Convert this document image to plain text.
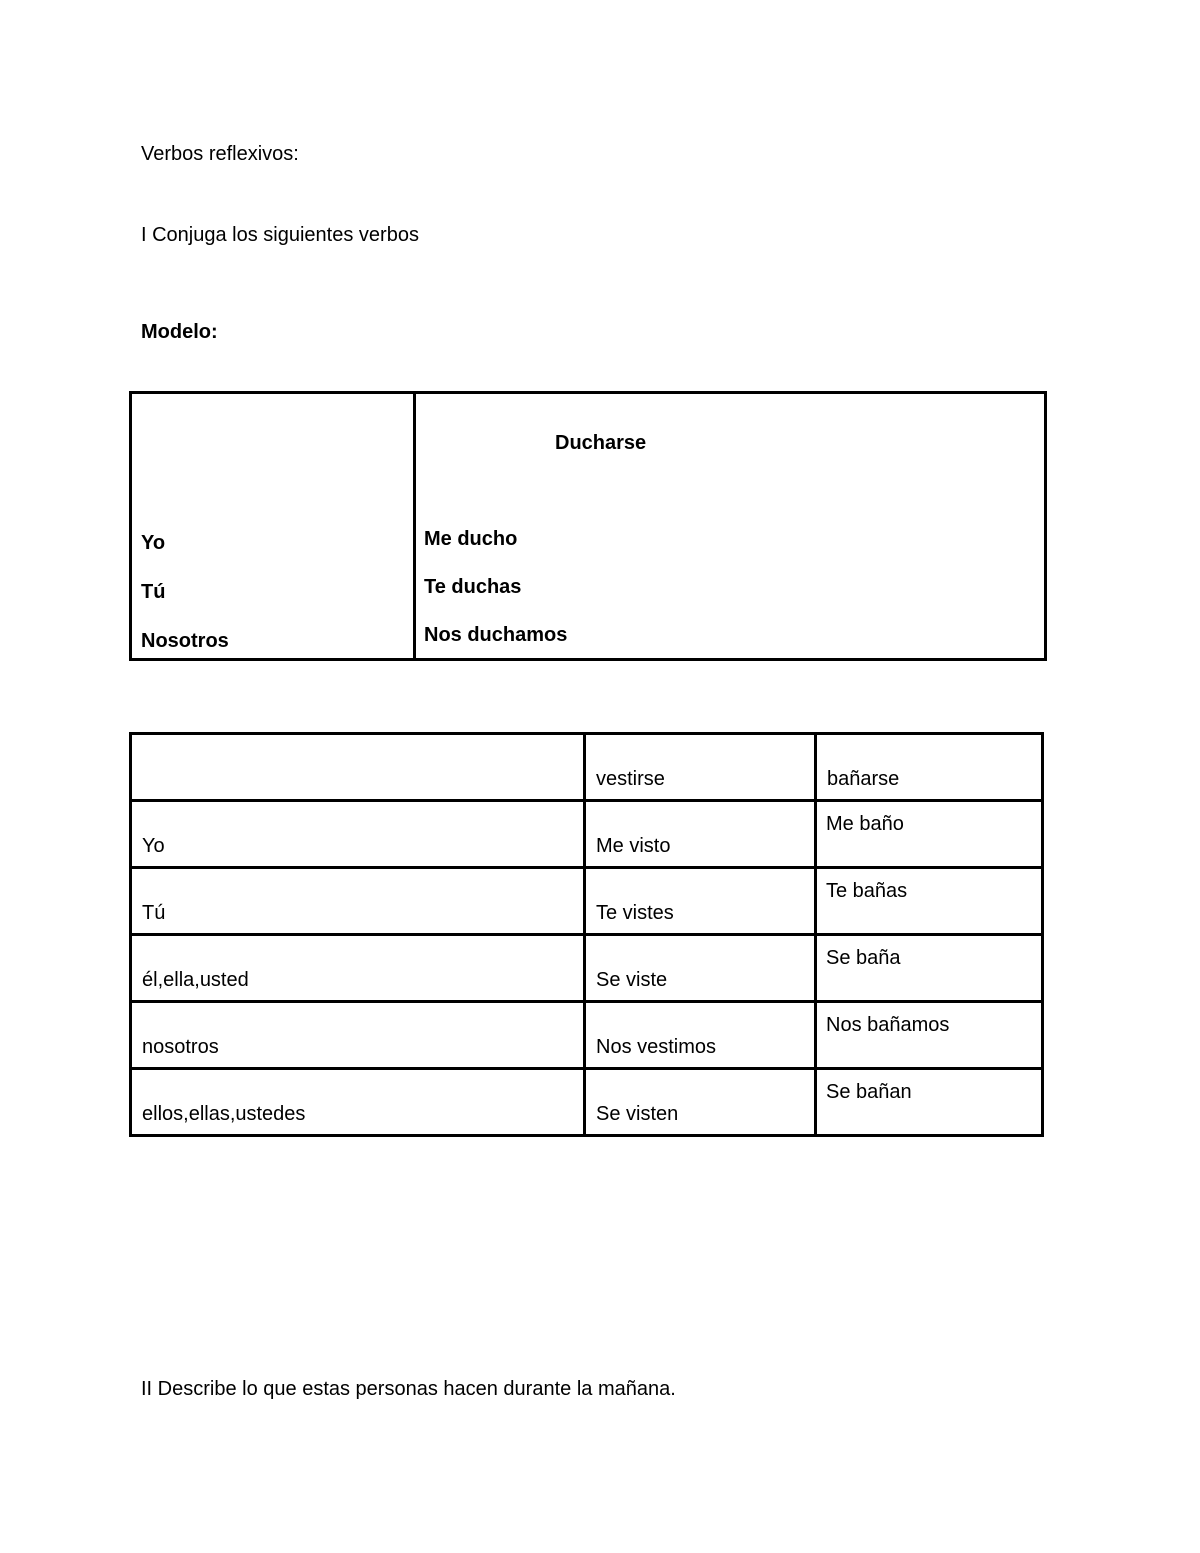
Verbos reflexivos:
I Conjuga los siguientes verbos
Modelo:
Ducharse
Yo	Me ducho
Tú	Te duchas
Nosotros	Nos duchamos

	vestirse	bañarse

Yo	Me visto	Me baño

Tú	Te vistes	Te bañas

él,ella,usted	Se viste	Se baña

nosotros	Nos vestimos	Nos bañamos

ellos,ellas,ustedes	Se visten	Se bañan
II Describe lo que estas personas hacen durante la mañana.
